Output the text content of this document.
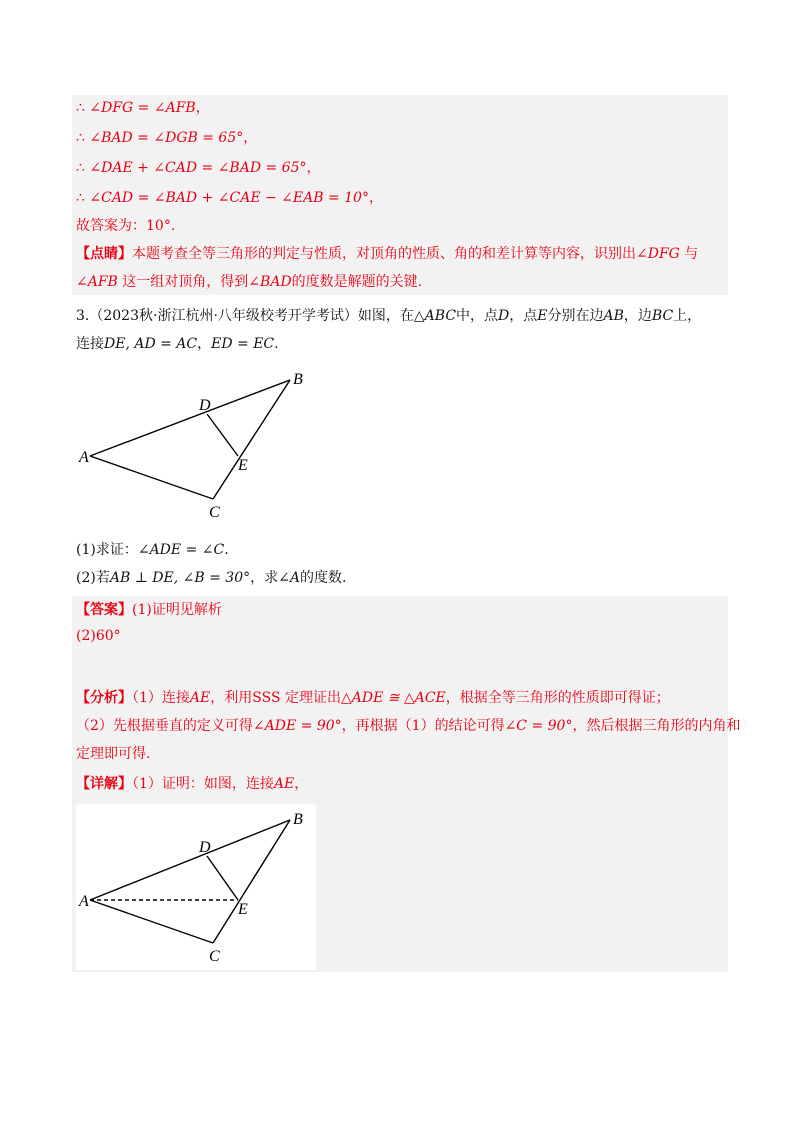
∴ ∠DFG = ∠AFB，
∴ ∠BAD = ∠DGB = 65°，
∴ ∠DAE + ∠CAD = ∠BAD = 65°，
∴ ∠CAD = ∠BAD + ∠CAE − ∠EAB = 10°，
故答案为：10°.
【点睛】本题考查全等三角形的判定与性质，对顶角的性质、角的和差计算等内容，识别出∠DFG 与
∠AFB 这一组对顶角，得到∠BAD的度数是解题的关键.
3.（2023秋·浙江杭州·八年级校考开学考试）如图，在△ABC中，点D，点E分别在边AB，边BC上，
连接DE, AD = AC，ED = EC.
A
B
C
D
E
(1)求证：∠ADE = ∠C.
(2)若AB ⊥ DE, ∠B = 30°，求∠A的度数.
【答案】(1)证明见解析
(2)60°
【分析】（1）连接AE，利用SSS 定理证出△ADE ≅ △ACE，根据全等三角形的性质即可得证；
（2）先根据垂直的定义可得∠ADE = 90°，再根据（1）的结论可得∠C = 90°，然后根据三角形的内角和
定理即可得.
【详解】（1）证明：如图，连接AE，
A
B
C
D
E
